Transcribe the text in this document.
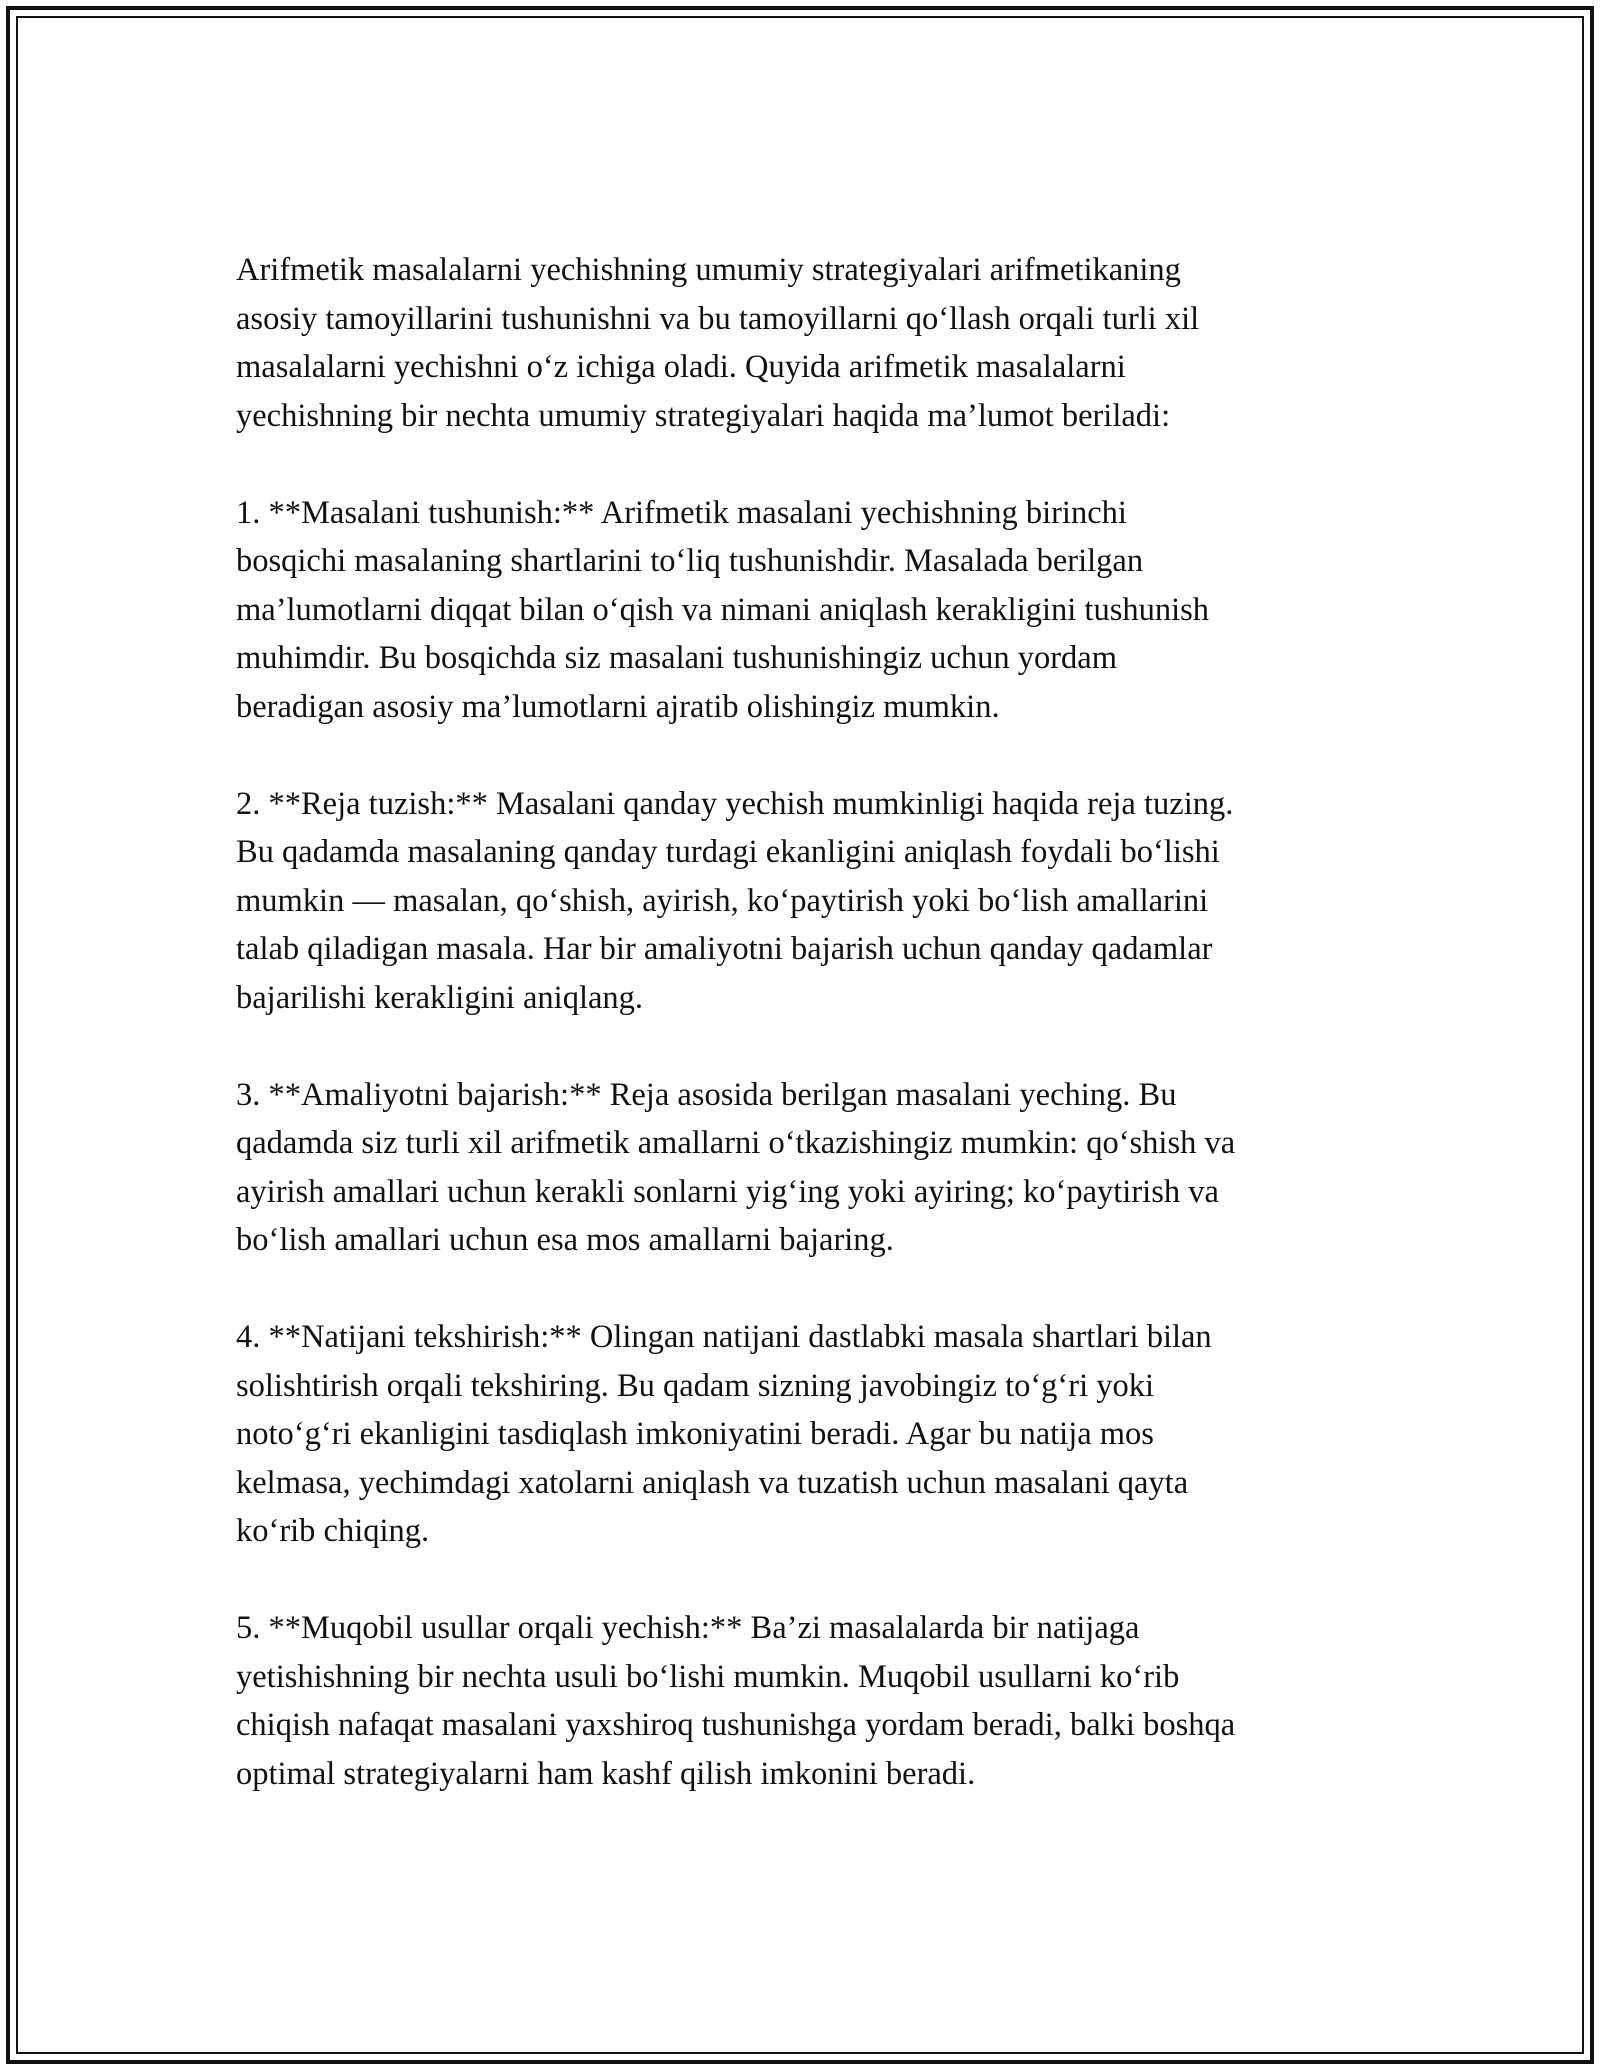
Arifmetik masalalarni yechishning umumiy strategiyalari arifmetikaning
asosiy tamoyillarini tushunishni va bu tamoyillarni qo‘llash orqali turli xil
masalalarni yechishni o‘z ichiga oladi. Quyida arifmetik masalalarni
yechishning bir nechta umumiy strategiyalari haqida ma’lumot beriladi:

1. **Masalani tushunish:** Arifmetik masalani yechishning birinchi
bosqichi masalaning shartlarini to‘liq tushunishdir. Masalada berilgan
ma’lumotlarni diqqat bilan o‘qish va nimani aniqlash kerakligini tushunish
muhimdir. Bu bosqichda siz masalani tushunishingiz uchun yordam
beradigan asosiy ma’lumotlarni ajratib olishingiz mumkin.

2. **Reja tuzish:** Masalani qanday yechish mumkinligi haqida reja tuzing.
Bu qadamda masalaning qanday turdagi ekanligini aniqlash foydali bo‘lishi
mumkin — masalan, qo‘shish, ayirish, ko‘paytirish yoki bo‘lish amallarini
talab qiladigan masala. Har bir amaliyotni bajarish uchun qanday qadamlar
bajarilishi kerakligini aniqlang.

3. **Amaliyotni bajarish:** Reja asosida berilgan masalani yeching. Bu
qadamda siz turli xil arifmetik amallarni o‘tkazishingiz mumkin: qo‘shish va
ayirish amallari uchun kerakli sonlarni yig‘ing yoki ayiring; ko‘paytirish va
bo‘lish amallari uchun esa mos amallarni bajaring.

4. **Natijani tekshirish:** Olingan natijani dastlabki masala shartlari bilan
solishtirish orqali tekshiring. Bu qadam sizning javobingiz to‘g‘ri yoki
noto‘g‘ri ekanligini tasdiqlash imkoniyatini beradi. Agar bu natija mos
kelmasa, yechimdagi xatolarni aniqlash va tuzatish uchun masalani qayta
ko‘rib chiqing.

5. **Muqobil usullar orqali yechish:** Ba’zi masalalarda bir natijaga
yetishishning bir nechta usuli bo‘lishi mumkin. Muqobil usullarni ko‘rib
chiqish nafaqat masalani yaxshiroq tushunishga yordam beradi, balki boshqa
optimal strategiyalarni ham kashf qilish imkonini beradi.
